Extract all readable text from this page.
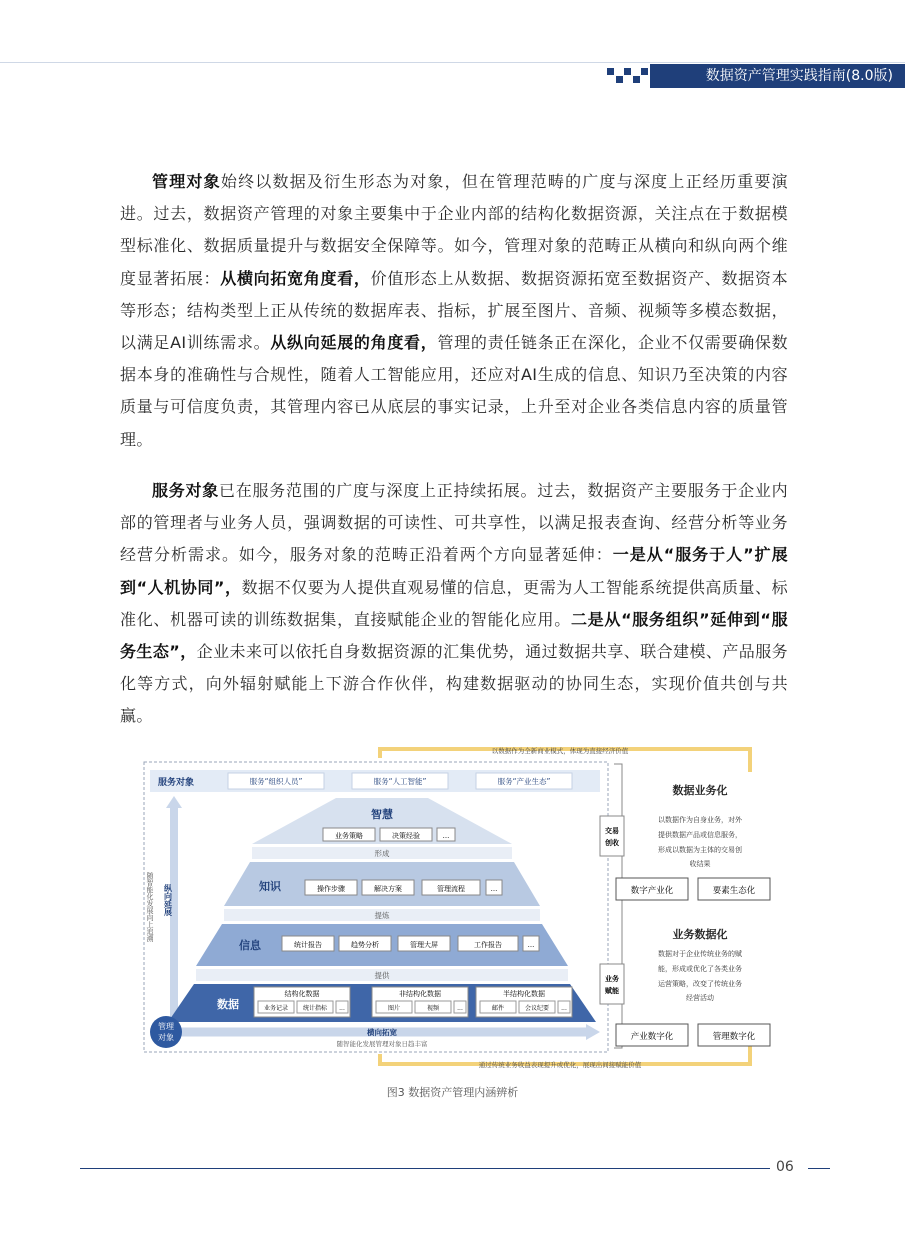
数据资产管理实践指南(8.0版)

管理对象始终以数据及衍生形态为对象，但在管理范畴的广度与深度上正经历重要演进。过去，数据资产管理的对象主要集中于企业内部的结构化数据资源，关注点在于数据模型标准化、数据质量提升与数据安全保障等。如今，管理对象的范畴正从横向和纵向两个维度显著拓展：从横向拓宽角度看，价值形态上从数据、数据资源拓宽至数据资产、数据资本等形态；结构类型上正从传统的数据库表、指标，扩展至图片、音频、视频等多模态数据，以满足AI训练需求。从纵向延展的角度看，管理的责任链条正在深化，企业不仅需要确保数据本身的准确性与合规性，随着人工智能应用，还应对AI生成的信息、知识乃至决策的内容质量与可信度负责，其管理内容已从底层的事实记录，上升至对企业各类信息内容的质量管理。

服务对象已在服务范围的广度与深度上正持续拓展。过去，数据资产主要服务于企业内部的管理者与业务人员，强调数据的可读性、可共享性，以满足报表查询、经营分析等业务经营分析需求。如今，服务对象的范畴正沿着两个方向显著延伸：一是从“服务于人”扩展到“人机协同”，数据不仅要为人提供直观易懂的信息，更需为人工智能系统提供高质量、标准化、机器可读的训练数据集，直接赋能企业的智能化应用。二是从“服务组织”延伸到“服务生态”，企业未来可以依托自身数据资源的汇集优势，通过数据共享、联合建模、产品服务化等方式，向外辐射赋能上下游合作伙伴，构建数据驱动的协同生态，实现价值共创与共赢。

以数据作为全新商业模式，体现为直接经济价值
通过传统业务收益表现提升或优化，展现出间接赋能价值
服务对象	服务“组织人员”	服务“人工智能”	服务“产业生态”
随智能化发展向上追溯 纵向延展
智慧
业务策略	决策经验	...
形成
知识	操作步骤	解决方案	管理流程	...
提炼
信息	统计报告	趋势分析	管理大屏	工作报告	...
提供
数据
结构化数据
业务记录 统计指标 ...
非结构化数据
图片	视频	...
半结构化数据
邮件	会议纪要 ...
横向拓宽
随智能化发展管理对象日趋丰富
管理
对象
交易
创收
数据业务化
以数据作为自身业务，对外
提供数据产品或信息服务，
形成以数据为主体的交易创
收结果
数字产业化	要素生态化
业务
赋能
业务数据化
数据对于企业传统业务的赋
能，形成或优化了各类业务
运营策略，改变了传统业务
经营活动
产业数字化	管理数字化
图3 数据资产管理内涵辨析
06
